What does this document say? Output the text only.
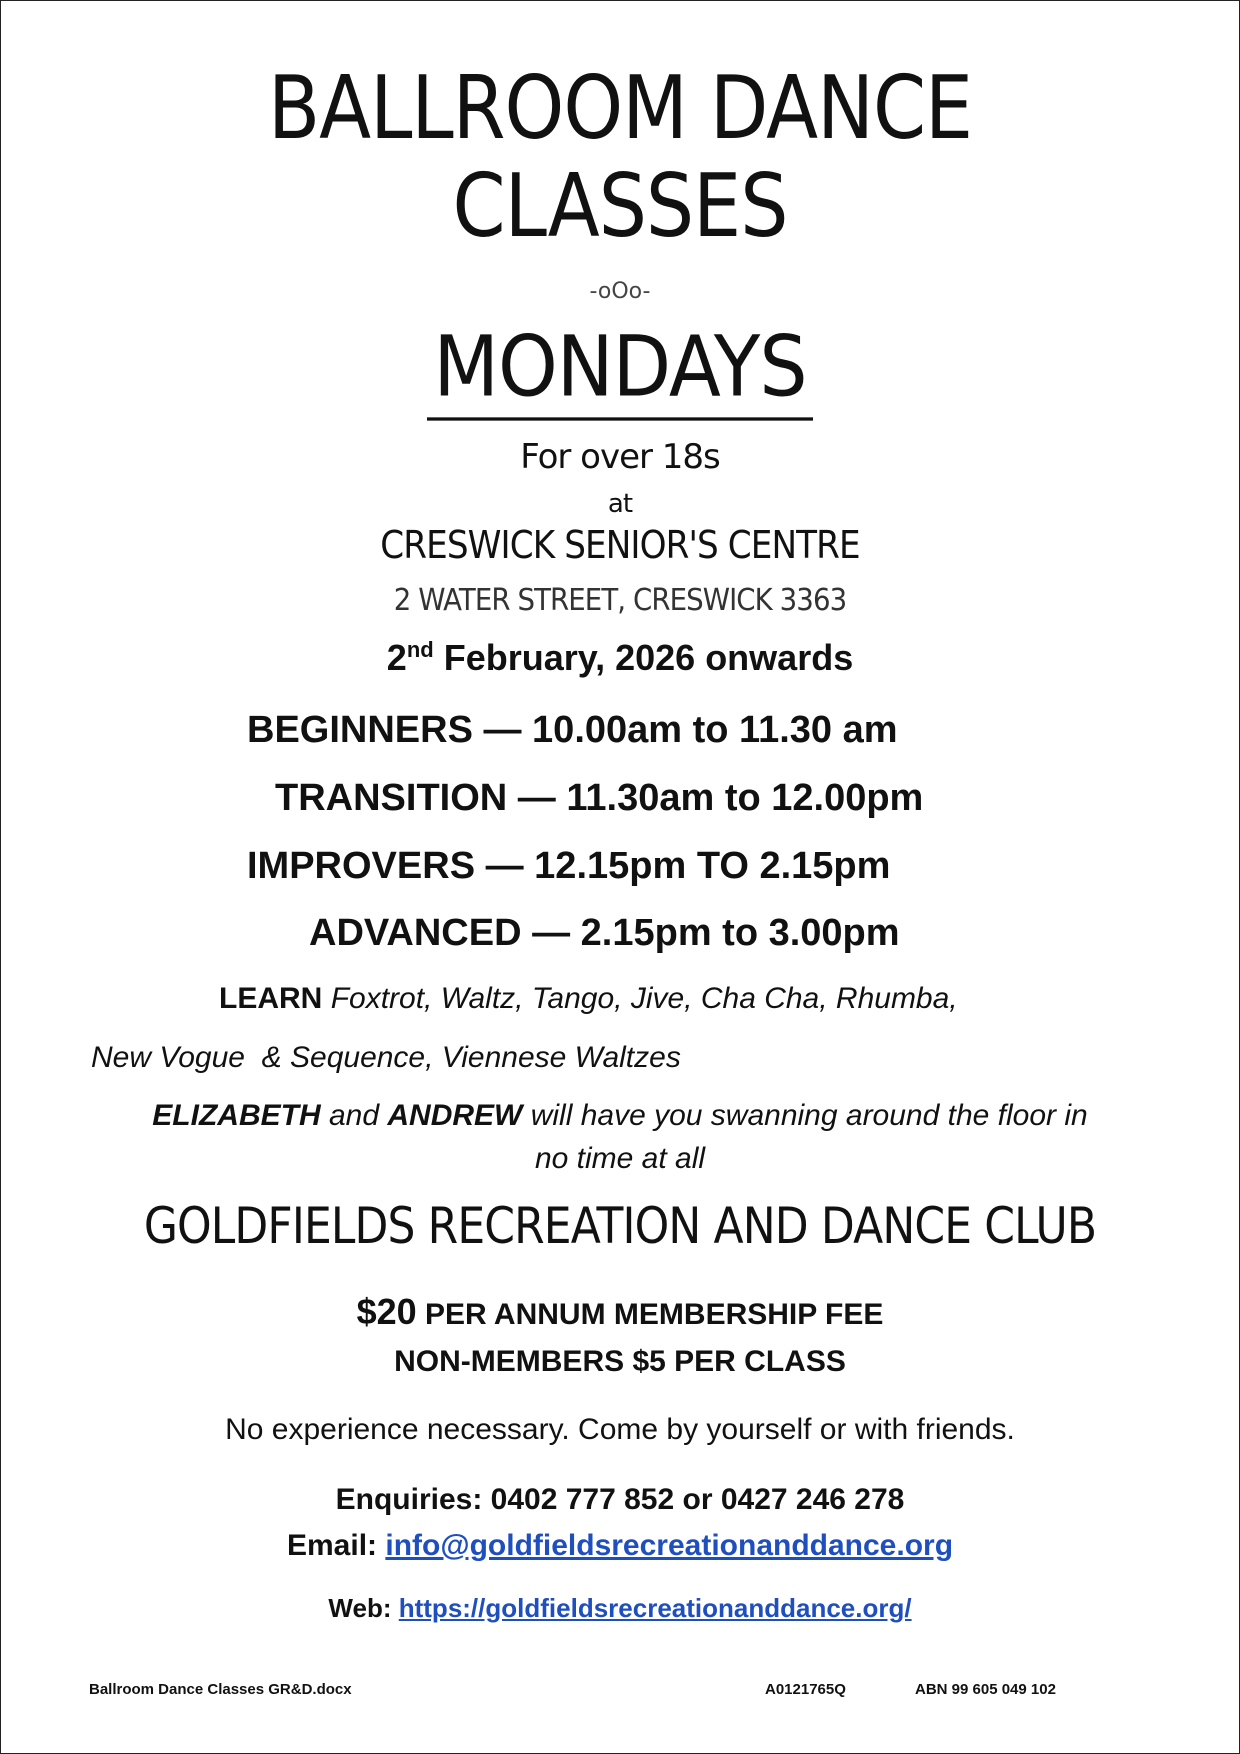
BALLROOM DANCE
CLASSES
-oOo-
MONDAYS
For over 18s
at
CRESWICK SENIOR'S CENTRE
2 WATER STREET, CRESWICK 3363
2nd February, 2026 onwards
BEGINNERS — 10.00am to 11.30 am
TRANSITION — 11.30am to 12.00pm
IMPROVERS — 12.15pm TO 2.15pm
ADVANCED — 2.15pm to 3.00pm
LEARN Foxtrot, Waltz, Tango, Jive, Cha Cha, Rhumba,
New Vogue  & Sequence, Viennese Waltzes
ELIZABETH and ANDREW will have you swanning around the floor in
no time at all
GOLDFIELDS RECREATION AND DANCE CLUB
$20 PER ANNUM MEMBERSHIP FEE
NON-MEMBERS $5 PER CLASS
No experience necessary. Come by yourself or with friends.
Enquiries: 0402 777 852 or 0427 246 278
Email: info@goldfieldsrecreationanddance.org
Web: https://goldfieldsrecreationanddance.org/
Ballroom Dance Classes GR&D.docx	A0121765Q	ABN 99 605 049 102
